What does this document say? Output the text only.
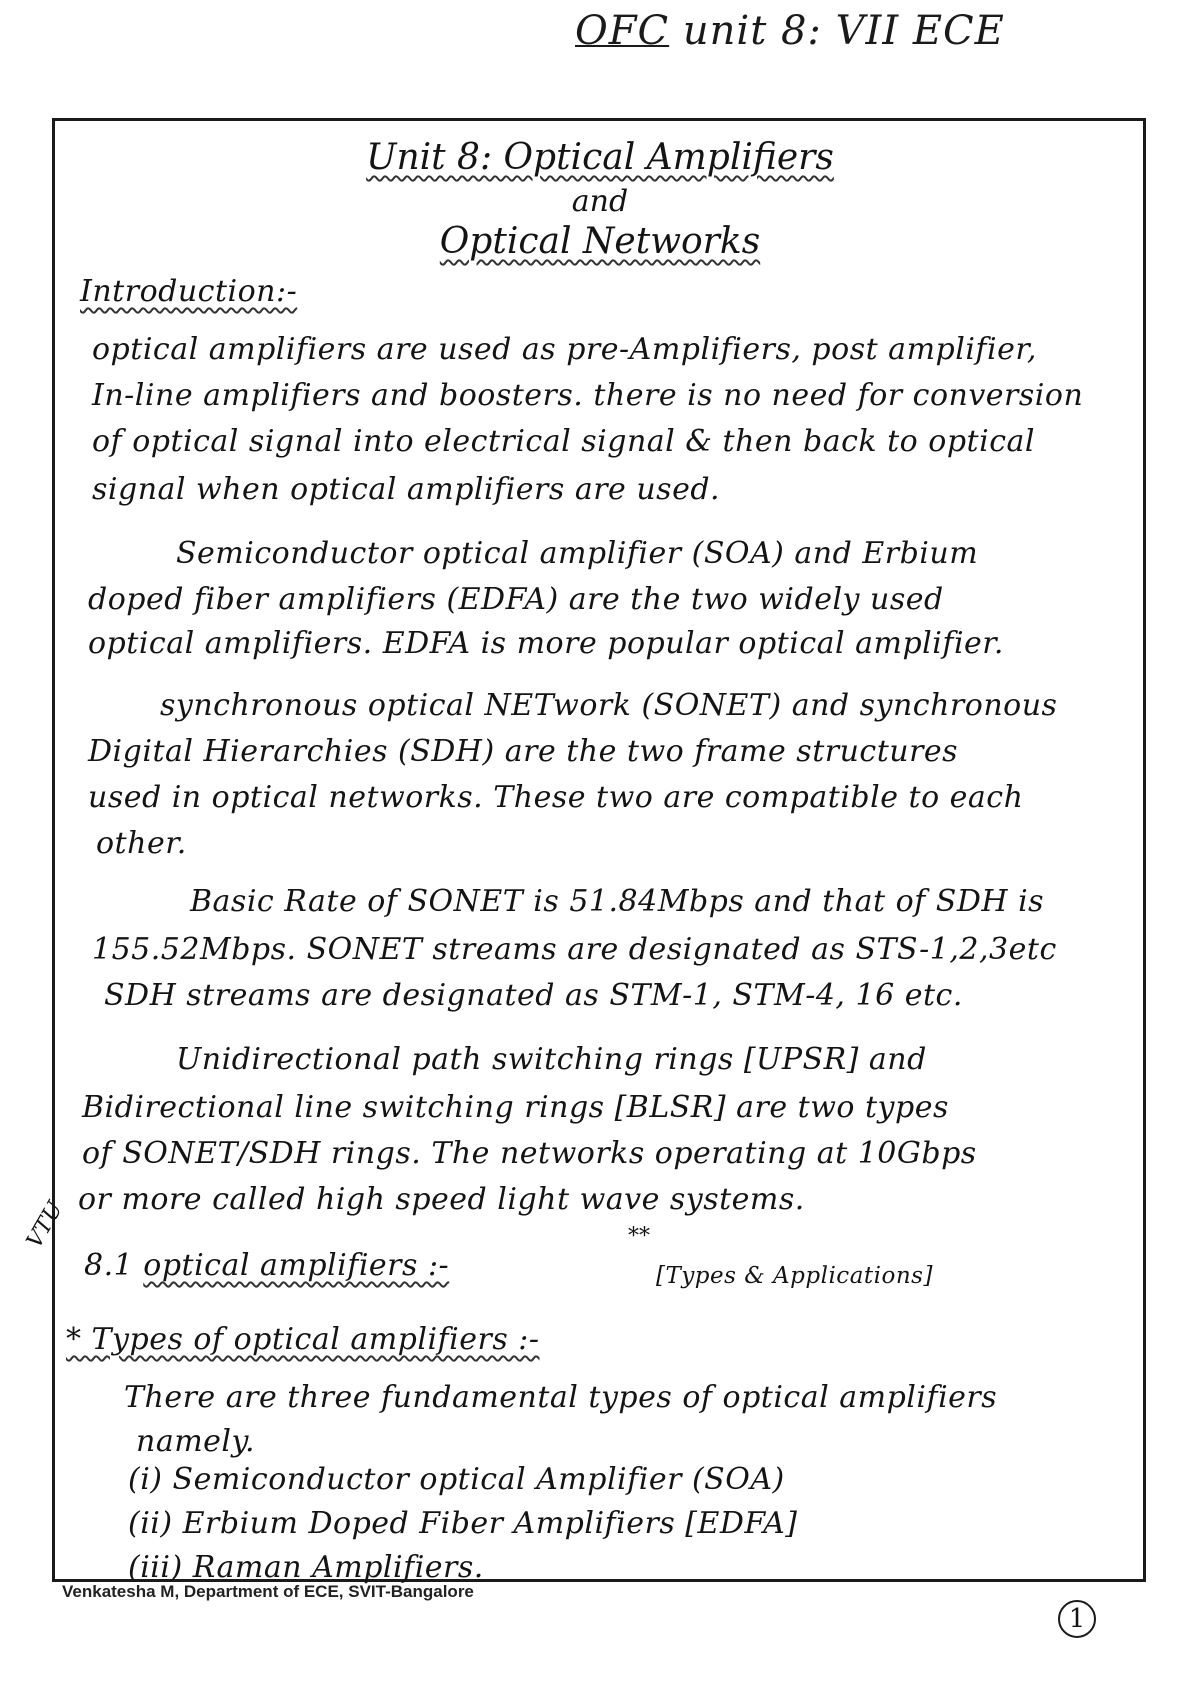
OFC unit 8: VII ECE
Unit 8: Optical Amplifiers
and
Optical Networks
Introduction:-
optical amplifiers are used as pre-Amplifiers, post amplifier,
In-line amplifiers and boosters. there is no need for conversion
of optical signal into electrical signal & then back to optical
signal when optical amplifiers are used.
Semiconductor optical amplifier (SOA) and Erbium
doped fiber amplifiers (EDFA) are the two widely used
optical amplifiers. EDFA is more popular optical amplifier.
synchronous optical NETwork (SONET) and synchronous
Digital Hierarchies (SDH) are the two frame structures
used in optical networks. These two are compatible to each
other.
Basic Rate of SONET is 51.84Mbps and that of SDH is
155.52Mbps. SONET streams are designated as STS-1,2,3etc
SDH streams are designated as STM-1, STM-4, 16 etc.
Unidirectional path switching rings [UPSR] and
Bidirectional line switching rings [BLSR] are two types
of SONET/SDH rings. The networks operating at 10Gbps
or more called high speed light wave systems.
VTU
8.1 optical amplifiers :-
**
[Types & Applications]
* Types of optical amplifiers :-
There are three fundamental types of optical amplifiers
namely.
(i) Semiconductor optical Amplifier (SOA)
(ii) Erbium Doped Fiber Amplifiers [EDFA]
(iii) Raman Amplifiers.
Venkatesha M, Department of ECE, SVIT-Bangalore
1
